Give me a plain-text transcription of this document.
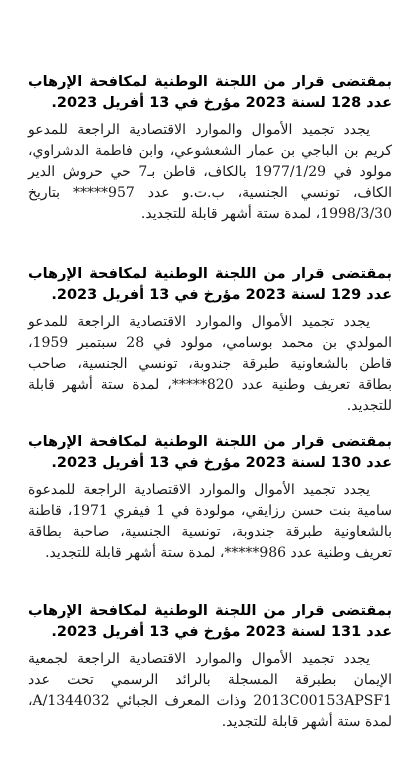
بمقتضى قرار من اللجنة الوطنية لمكافحة الإرهاب عدد 128 لسنة 2023 مؤرخ في 13 أفريل 2023.

يجدد تجميد الأموال والموارد الاقتصادية الراجعة للمدعو كريم بن الباجي بن عمار الشعشوعي، وابن فاطمة الدشراوي، مولود في 1977/1/29 بالكاف، قاطن بـ7 حي حروش الدير الكاف، تونسي الجنسية، ب.ت.و عدد 957***** بتاريخ 1998/3/30، لمدة ستة أشهر قابلة للتجديد.

بمقتضى قرار من اللجنة الوطنية لمكافحة الإرهاب عدد 129 لسنة 2023 مؤرخ في 13 أفريل 2023.

يجدد تجميد الأموال والموارد الاقتصادية الراجعة للمدعو المولدي بن محمد بوسامي، مولود في 28 سبتمبر 1959، قاطن بالشعاونية طبرقة جندوبة، تونسي الجنسية، صاحب بطاقة تعريف وطنية عدد 820*****، لمدة ستة أشهر قابلة للتجديد.

بمقتضى قرار من اللجنة الوطنية لمكافحة الإرهاب عدد 130 لسنة 2023 مؤرخ في 13 أفريل 2023.

يجدد تجميد الأموال والموارد الاقتصادية الراجعة للمدعوة سامية بنت حسن رزايقي، مولودة في 1 فيفري 1971، قاطنة بالشعاونية طبرقة جندوبة، تونسية الجنسية، صاحبة بطاقة تعريف وطنية عدد 986*****، لمدة ستة أشهر قابلة للتجديد.

بمقتضى قرار من اللجنة الوطنية لمكافحة الإرهاب عدد 131 لسنة 2023 مؤرخ في 13 أفريل 2023.

يجدد تجميد الأموال والموارد الاقتصادية الراجعة لجمعية الإيمان بطبرقة المسجلة بالرائد الرسمي تحت عدد 2013C00153APSF1 وذات المعرف الجبائي A/1344032، لمدة ستة أشهر قابلة للتجديد.
